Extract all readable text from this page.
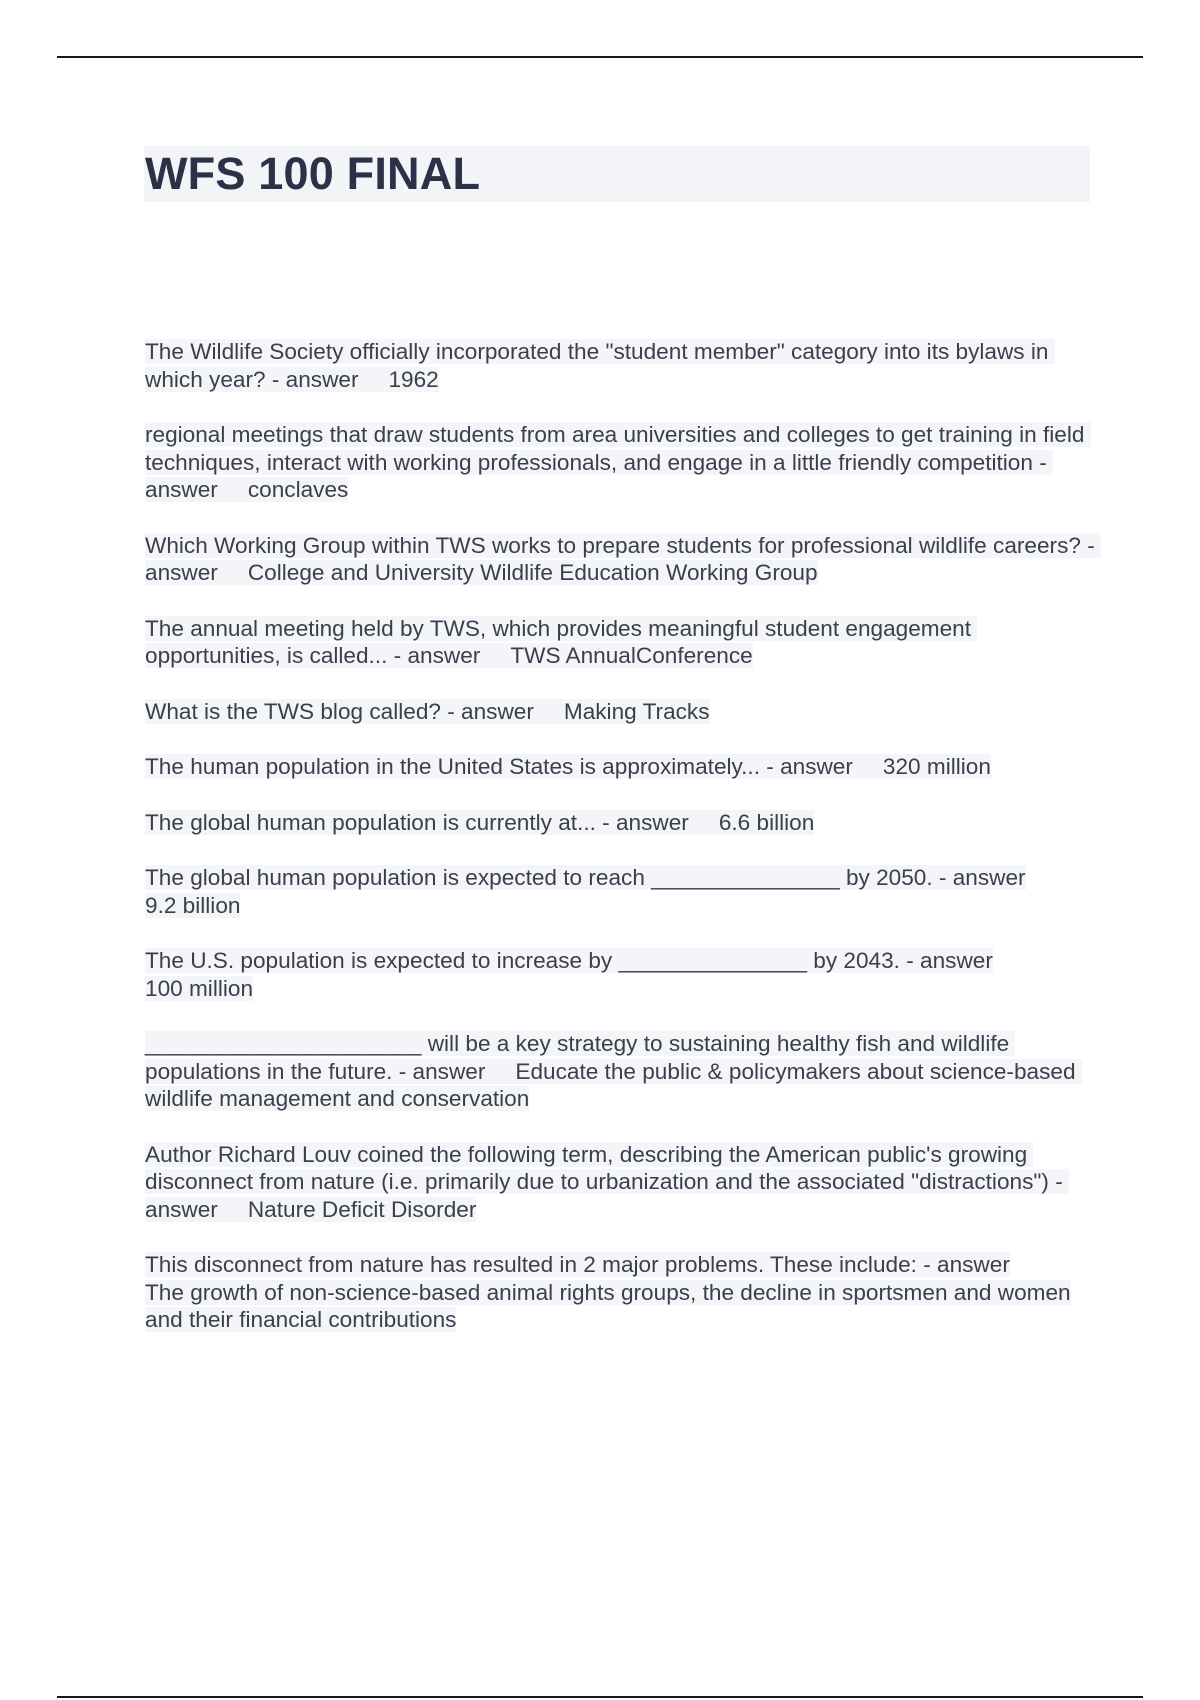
WFS 100 FINAL

The Wildlife Society officially incorporated the "student member" category into its bylaws in which year? - answer 1962

regional meetings that draw students from area universities and colleges to get training in field techniques, interact with working professionals, and engage in a little friendly competition - answer conclaves

Which Working Group within TWS works to prepare students for professional wildlife careers? - answer College and University Wildlife Education Working Group

The annual meeting held by TWS, which provides meaningful student engagement opportunities, is called... - answer TWS AnnualConference

What is the TWS blog called? - answer Making Tracks

The human population in the United States is approximately... - answer 320 million

The global human population is currently at... - answer 6.6 billion

The global human population is expected to reach _______________ by 2050. - answer
9.2 billion

The U.S. population is expected to increase by _______________ by 2043. - answer
100 million

______________________ will be a key strategy to sustaining healthy fish and wildlife populations in the future. - answer Educate the public & policymakers about science-based wildlife management and conservation

Author Richard Louv coined the following term, describing the American public's growing disconnect from nature (i.e. primarily due to urbanization and the associated "distractions") - answer Nature Deficit Disorder

This disconnect from nature has resulted in 2 major problems. These include: - answer
The growth of non-science-based animal rights groups, the decline in sportsmen and women
and their financial contributions
